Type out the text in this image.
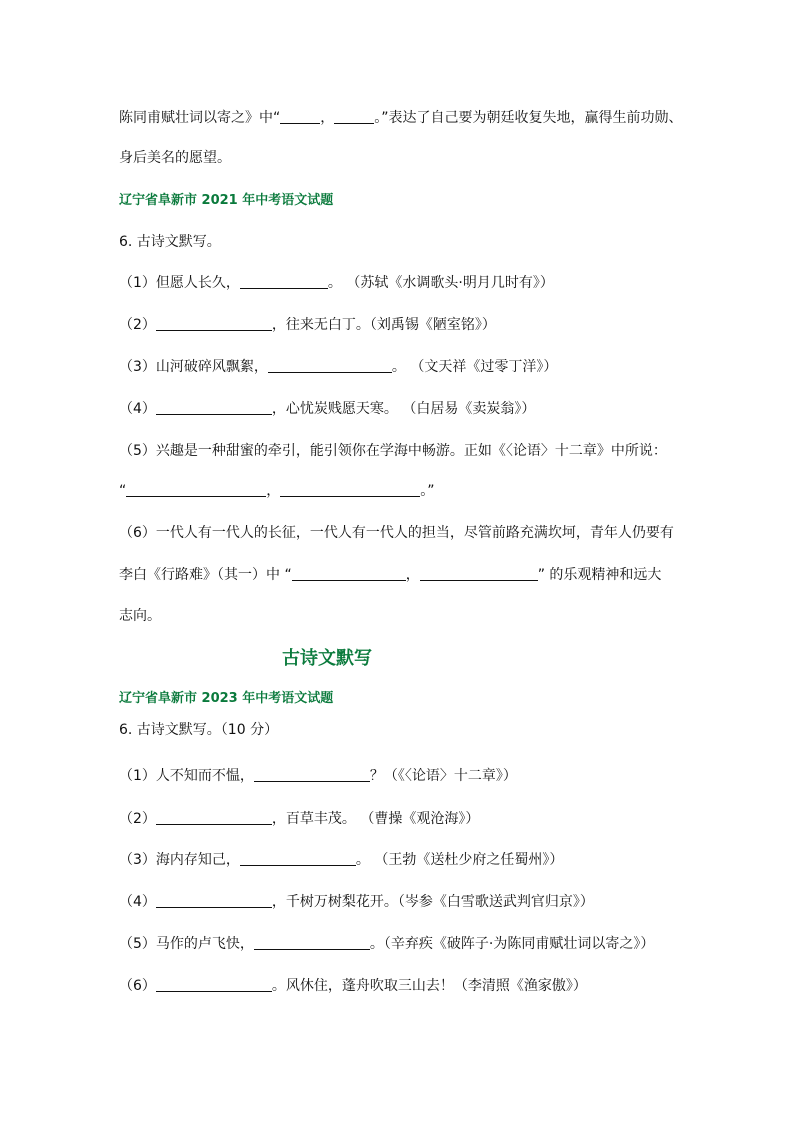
陈同甫赋壮词以寄之》中“	，	。”表达了自己要为朝廷收复失地，赢得生前功勋、
身后美名的愿望。
辽宁省阜新市 2021 年中考语文试题
6. 古诗文默写。
（1）但愿人长久，	。 （苏轼《水调歌头·明月几时有》）
（2）	，往来无白丁。（刘禹锡《陋室铭》）
（3）山河破碎风飘絮，	。 （文天祥《过零丁洋》）
（4）	，心忧炭贱愿天寒。 （白居易《卖炭翁》）
（5）兴趣是一种甜蜜的牵引，能引领你在学海中畅游。正如《〈论语〉十二章》中所说：
“	，	。”
（6）一代人有一代人的长征，一代人有一代人的担当，尽管前路充满坎坷，青年人仍要有
李白《行路难》（其一）中 “	，	” 的乐观精神和远大
志向。
古诗文默写
辽宁省阜新市 2023 年中考语文试题
6. 古诗文默写。（10 分）
（1）人不知而不愠，	？（《〈论语〉十二章》）
（2）	，百草丰茂。 （曹操《观沧海》）
（3）海内存知己，	。 （王勃《送杜少府之任蜀州》）
（4）	，千树万树梨花开。（岑参《白雪歌送武判官归京》）
（5）马作的卢飞快，	。（辛弃疾《破阵子·为陈同甫赋壮词以寄之》）
（6）	。风休住，蓬舟吹取三山去！（李清照《渔家傲》）
